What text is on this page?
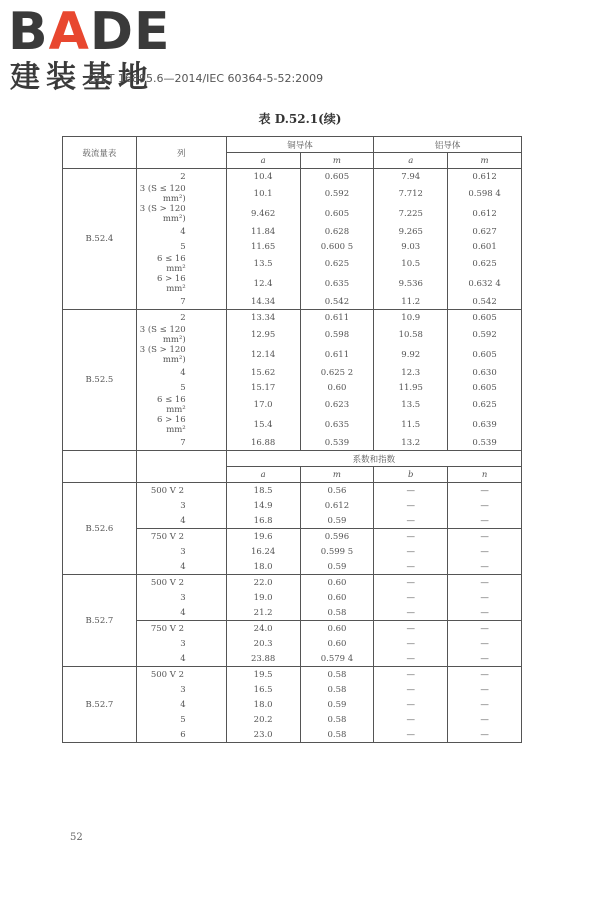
BADE
建装基地
GB/T 16895.6—2014/IEC 60364-5-52:2009
表 D.52.1(续)
载流量表	列	铜导体		铝导体	
		a	m	a	m
B.52.4	2	10.4	0.605	7.94	0.612
	3 (S ≤ 120 mm²)	10.1	0.592	7.712	0.598 4
	3 (S > 120 mm²)	9.462	0.605	7.225	0.612
	4	11.84	0.628	9.265	0.627
	5	11.65	0.600 5	9.03	0.601
	6 ≤ 16 mm²	13.5	0.625	10.5	0.625
	6 > 16 mm²	12.4	0.635	9.536	0.632 4
	7	14.34	0.542	11.2	0.542
B.52.5	2	13.34	0.611	10.9	0.605
	3 (S ≤ 120 mm²)	12.95	0.598	10.58	0.592
	3 (S > 120 mm²)	12.14	0.611	9.92	0.605
	4	15.62	0.625 2	12.3	0.630
	5	15.17	0.60	11.95	0.605
	6 ≤ 16 mm²	17.0	0.623	13.5	0.625
	6 > 16 mm²	15.4	0.635	11.5	0.639
	7	16.88	0.539	13.2	0.539
		系数和指数			
		a	m	b	n
B.52.6	500 V 2	18.5	0.56	—	—
	3	14.9	0.612	—	—
	4	16.8	0.59	—	—
	750 V 2	19.6	0.596	—	—
	3	16.24	0.599 5	—	—
	4	18.0	0.59	—	—
B.52.7	500 V 2	22.0	0.60	—	—
	3	19.0	0.60	—	—
	4	21.2	0.58	—	—
	750 V 2	24.0	0.60	—	—
	3	20.3	0.60	—	—
	4	23.88	0.579 4	—	—
B.52.7	500 V 2	19.5	0.58	—	—
	3	16.5	0.58	—	—
	4	18.0	0.59	—	—
	5	20.2	0.58	—	—
	6	23.0	0.58	—	—
52
